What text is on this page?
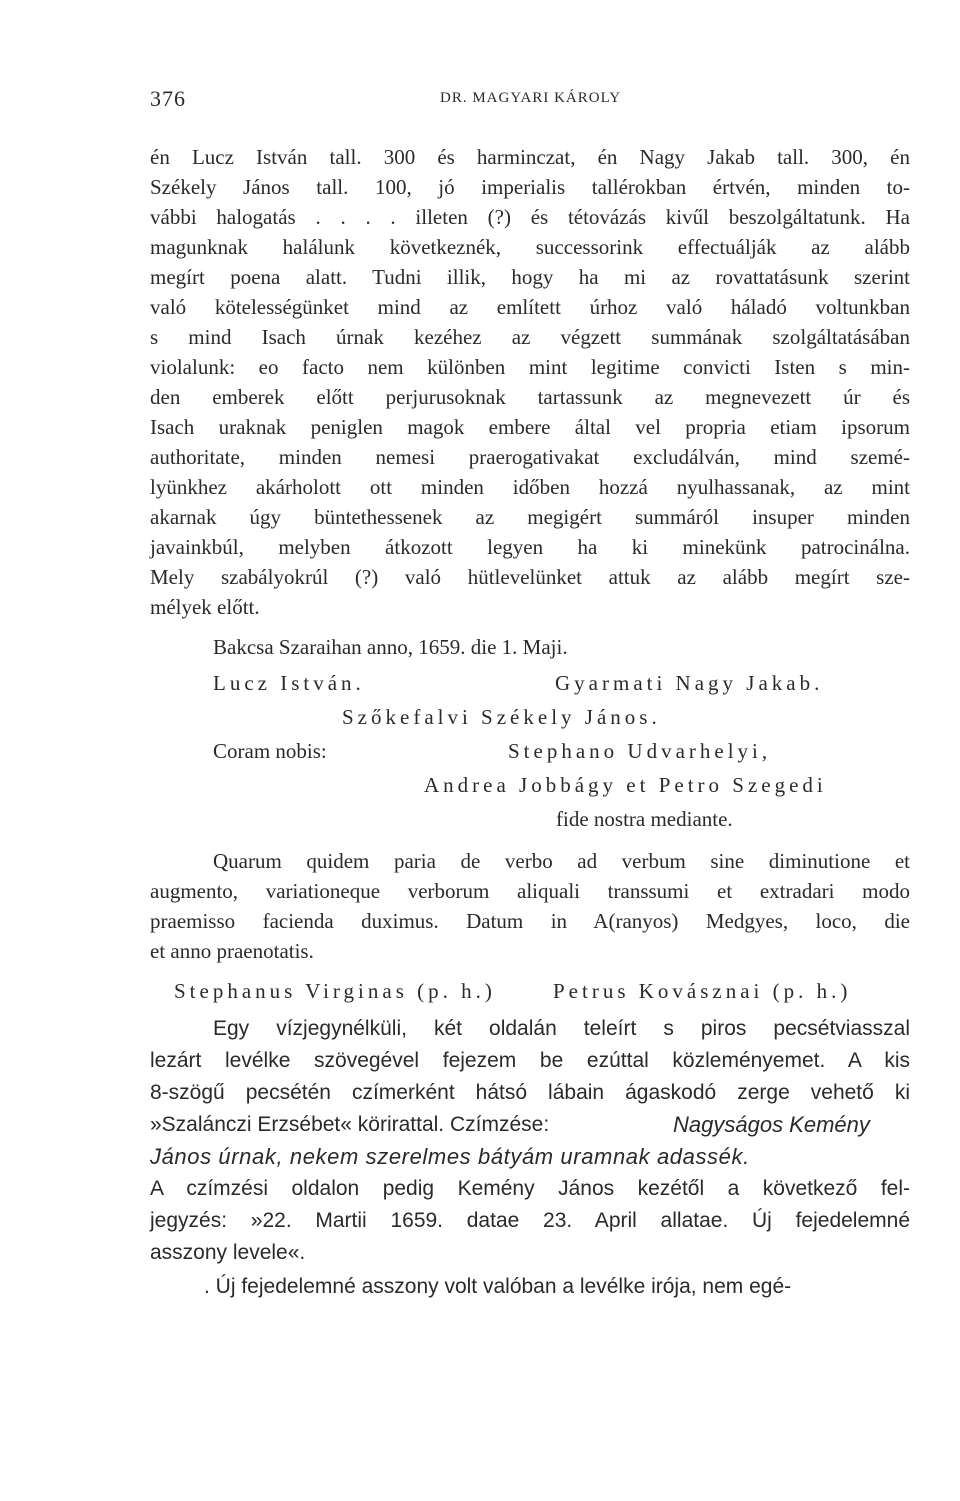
376	DR. MAGYARI KÁROLY
én Lucz István tall. 300 és harminczat, én Nagy Jakab tall. 300, én
Székely János tall. 100, jó imperialis tallérokban értvén, minden to-
vábbi halogatás . . . . illeten (?) és tétovázás kivűl beszolgáltatunk. Ha
magunknak halálunk következnék, successorink effectuálják az alább
megírt poena alatt. Tudni illik, hogy ha mi az rovattatásunk szerint
való kötelességünket mind az említett úrhoz való háladó voltunkban
s mind Isach úrnak kezéhez az végzett summának szolgáltatásában
violalunk: eo facto nem különben mint legitime convicti Isten s min-
den emberek előtt perjurusoknak tartassunk az megnevezett úr és
Isach uraknak peniglen magok embere által vel propria etiam ipsorum
authoritate, minden nemesi praerogativakat excludálván, mind szemé-
lyünkhez akárholott ott minden időben hozzá nyulhassanak, az mint
akarnak úgy büntethessenek az megigért summáról insuper minden
javainkbúl, melyben átkozott legyen ha ki minekünk patrocinálna.
Mely szabályokrúl (?) való hütlevelünket attuk az alább megírt sze-
mélyek előtt.
Bakcsa Szaraihan anno, 1659. die 1. Maji.
Lucz István.	Gyarmati Nagy Jakab.
Szőkefalvi Székely János.
Coram nobis:	Stephano Udvarhelyi,
Andrea Jobbágy et Petro Szegedi
fide nostra mediante.
Quarum quidem paria de verbo ad verbum sine diminutione et
augmento, variationeque verborum aliquali transsumi et extradari modo
praemisso facienda duximus. Datum in A(ranyos) Medgyes, loco, die
et anno praenotatis.
Stephanus Virginas (p. h.)	Petrus Kovásznai (p. h.)
Egy vízjegynélküli, két oldalán teleírt s piros pecsétviasszal
lezárt levélke szövegével fejezem be ezúttal közleményemet. A kis
8-szögű pecsétén czímerként hátsó lábain ágaskodó zerge vehető ki
»Szalánczi Erzsébet« körirattal. Czímzése:	Nagyságos Kemény
János úrnak, nekem szerelmes bátyám uramnak adassék.
A czímzési oldalon pedig Kemény János kezétől a következő fel-
jegyzés: »22. Martii 1659. datae 23. April allatae. Új fejedelemné
asszony levele«.
. Új fejedelemné asszony volt valóban a levélke irója, nem egé-
